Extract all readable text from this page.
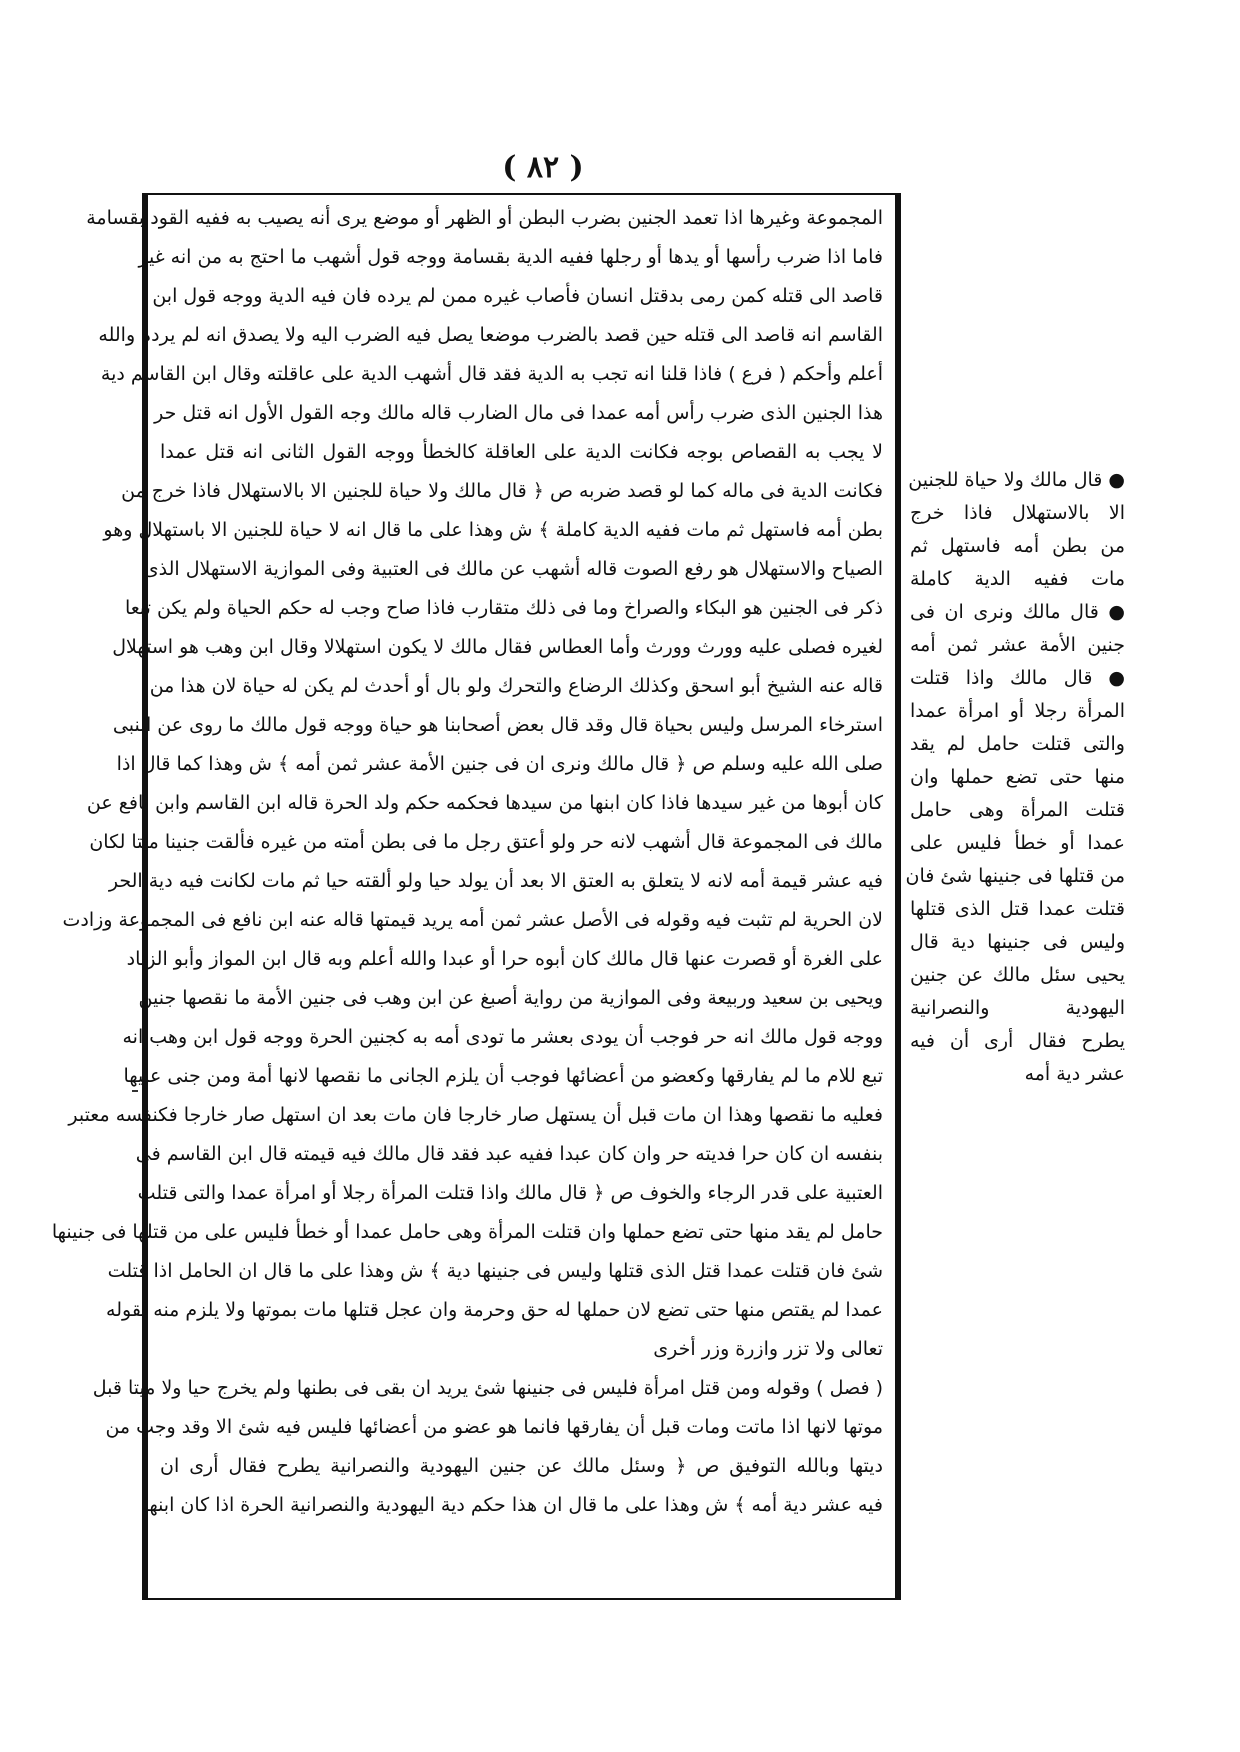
( ٨٢ )
المجموعة وغيرها اذا تعمد الجنين بضرب البطن أو الظهر أو موضع يرى أنه يصيب به ففيه القود بقسامة
فاما اذا ضرب رأسها أو يدها أو رجلها ففيه الدية بقسامة ووجه قول أشهب ما احتج به من انه غير
قاصد الى قتله كمن رمى بدقتل انسان فأصاب غيره ممن لم يرده فان فيه الدية ووجه قول ابن
القاسم انه قاصد الى قتله حين قصد بالضرب موضعا يصل فيه الضرب اليه ولا يصدق انه لم يرده والله
أعلم وأحكم ( فرع ) فاذا قلنا انه تجب به الدية فقد قال أشهب الدية على عاقلته وقال ابن القاسم دية
هذا الجنين الذى ضرب رأس أمه عمدا فى مال الضارب قاله مالك وجه القول الأول انه قتل حر
لا يجب به القصاص بوجه فكانت الدية على العاقلة كالخطأ ووجه القول الثانى انه قتل عمدا
فكانت الدية فى ماله كما لو قصد ضربه ص ﴿ قال مالك ولا حياة للجنين الا بالاستهلال فاذا خرج من
بطن أمه فاستهل ثم مات ففيه الدية كاملة ﴾ ش وهذا على ما قال انه لا حياة للجنين الا باستهلال وهو
الصياح والاستهلال هو رفع الصوت قاله أشهب عن مالك فى العتبية وفى الموازية الاستهلال الذى
ذكر فى الجنين هو البكاء والصراخ وما فى ذلك متقارب فاذا صاح وجب له حكم الحياة ولم يكن تبعا
لغيره فصلى عليه وورث وورث وأما العطاس فقال مالك لا يكون استهلالا وقال ابن وهب هو استهلال
قاله عنه الشيخ أبو اسحق وكذلك الرضاع والتحرك ولو بال أو أحدث لم يكن له حياة لان هذا من
استرخاء المرسل وليس بحياة قال وقد قال بعض أصحابنا هو حياة ووجه قول مالك ما روى عن النبى
صلى الله عليه وسلم ص ﴿ قال مالك ونرى ان فى جنين الأمة عشر ثمن أمه ﴾ ش وهذا كما قال اذا
كان أبوها من غير سيدها فاذا كان ابنها من سيدها فحكمه حكم ولد الحرة قاله ابن القاسم وابن نافع عن
مالك فى المجموعة قال أشهب لانه حر ولو أعتق رجل ما فى بطن أمته من غيره فألقت جنينا ميتا لكان
فيه عشر قيمة أمه لانه لا يتعلق به العتق الا بعد أن يولد حيا ولو ألقته حيا ثم مات لكانت فيه دية الحر
لان الحرية لم تثبت فيه وقوله فى الأصل عشر ثمن أمه يريد قيمتها قاله عنه ابن نافع فى المجموعة وزادت
على الغرة أو قصرت عنها قال مالك كان أبوه حرا أو عبدا والله أعلم وبه قال ابن المواز وأبو الزناد
ويحيى بن سعيد وربيعة وفى الموازية من رواية أصبغ عن ابن وهب فى جنين الأمة ما نقصها جنين
ووجه قول مالك انه حر فوجب أن يودى بعشر ما تودى أمه به كجنين الحرة ووجه قول ابن وهب انه
تبع للام ما لم يفارقها وكعضو من أعضائها فوجب أن يلزم الجانى ما نقصها لانها أمة ومن جنى عليها
فعليه ما نقصها وهذا ان مات قبل أن يستهل صار خارجا فان مات بعد ان استهل صار خارجا فكنفسه معتبر
بنفسه ان كان حرا فديته حر وان كان عبدا ففيه عبد فقد قال مالك فيه قيمته قال ابن القاسم فى
العتبية على قدر الرجاء والخوف ص ﴿ قال مالك واذا قتلت المرأة رجلا أو امرأة عمدا والتى قتلت
حامل لم يقد منها حتى تضع حملها وان قتلت المرأة وهى حامل عمدا أو خطأ فليس على من قتلها فى جنينها
شئ فان قتلت عمدا قتل الذى قتلها وليس فى جنينها دية ﴾ ش وهذا على ما قال ان الحامل اذا قتلت
عمدا لم يقتص منها حتى تضع لان حملها له حق وحرمة وان عجل قتلها مات بموتها ولا يلزم منه لقوله
تعالى ولا تزر وازرة وزر أخرى
( فصل ) وقوله ومن قتل امرأة فليس فى جنينها شئ يريد ان بقى فى بطنها ولم يخرج حيا ولا ميتا قبل
موتها لانها اذا ماتت ومات قبل أن يفارقها فانما هو عضو من أعضائها فليس فيه شئ الا وقد وجب من
ديتها وبالله التوفيق ص ﴿ وسئل مالك عن جنين اليهودية والنصرانية يطرح فقال أرى ان
فيه عشر دية أمه ﴾ ش وهذا على ما قال ان هذا حكم دية اليهودية والنصرانية الحرة اذا كان ابنها
● قال مالك ولا حياة للجنين
الا بالاستهلال فاذا خرج
من بطن أمه فاستهل ثم
مات ففيه الدية كاملة
● قال مالك ونرى ان فى
جنين الأمة عشر ثمن أمه
● قال مالك واذا قتلت
المرأة رجلا أو امرأة عمدا
والتى قتلت حامل لم يقد
منها حتى تضع حملها وان
قتلت المرأة وهى حامل
عمدا أو خطأ فليس على
من قتلها فى جنينها شئ فان
قتلت عمدا قتل الذى قتلها
وليس فى جنينها دية قال
يحيى سئل مالك عن جنين
اليهودية والنصرانية
يطرح فقال أرى أن فيه
عشر دية أمه
